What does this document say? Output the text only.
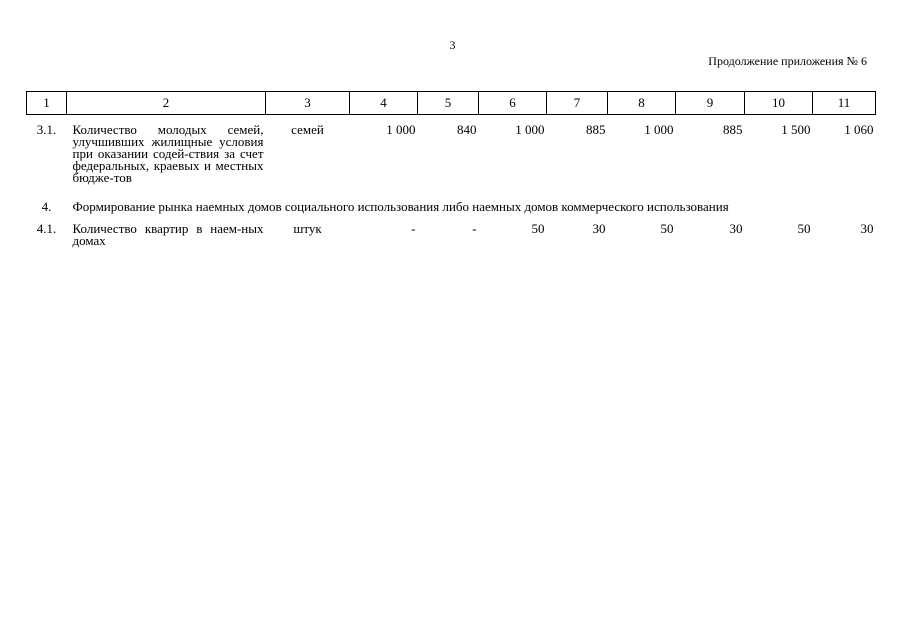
3
Продолжение приложения № 6
1	2	3	4	5	6	7	8	9	10	11
3.1.	Количество молодых семей, улучшивших жилищные условия при оказании содей-ствия за счет федеральных, краевых и местных бюдже-тов	семей	1 000	840	1 000	885	1 000	885	1 500	1 060
4.	Формирование рынка наемных домов социального использования либо наемных домов коммерческого использования									
4.1.	Количество квартир в наем-ных домах	штук	-	-	50	30	50	30	50	30
